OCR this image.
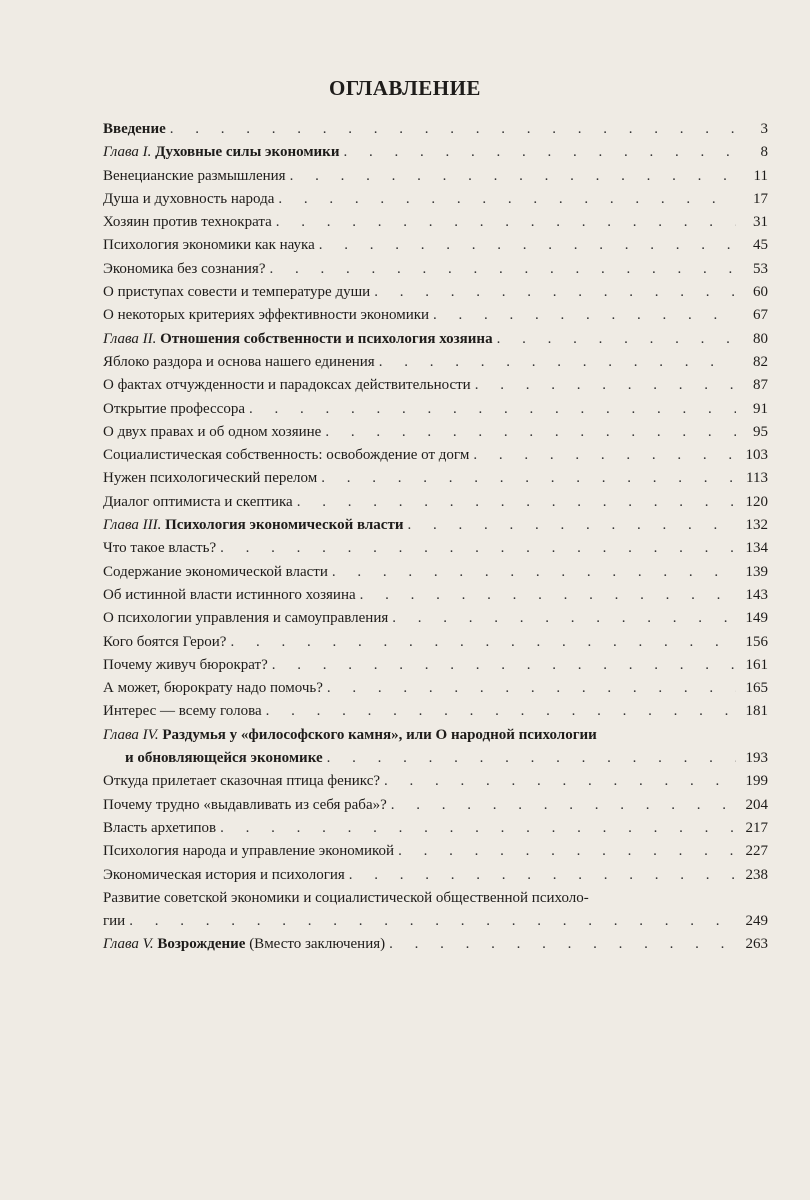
ОГЛАВЛЕНИЕ
Введение . . .	3
Глава I. Духовные силы экономики . . .	8
Венецианские размышления . . .	11
Душа и духовность народа . . .	17
Хозяин против технократа . . .	31
Психология экономики как наука . . .	45
Экономика без сознания? . . .	53
О приступах совести и температуре души . . .	60
О некоторых критериях эффективности экономики . . .	67
Глава II. Отношения собственности и психология хозяина . . .	80
Яблоко раздора и основа нашего единения . . .	82
О фактах отчужденности и парадоксах действительности . . .	87
Открытие профессора . . .	91
О двух правах и об одном хозяине . . .	95
Социалистическая собственность: освобождение от догм . . .	103
Нужен психологический перелом . . .	113
Диалог оптимиста и скептика . . .	120
Глава III. Психология экономической власти . . .	132
Что такое власть? . . .	134
Содержание экономической власти . . .	139
Об истинной власти истинного хозяина . . .	143
О психологии управления и самоуправления . . .	149
Кого боятся Герои? . . .	156
Почему живуч бюрократ? . . .	161
А может, бюрократу надо помочь? . . .	165
Интерес — всему голова . . .	181
Глава IV. Раздумья у «философского камня», или О народной психологии
и обновляющейся экономике . . .	193
Откуда прилетает сказочная птица феникс? . . .	199
Почему трудно «выдавливать из себя раба»? . . .	204
Власть архетипов . . .	217
Психология народа и управление экономикой . . .	227
Экономическая история и психология . . .	238
Развитие советской экономики и социалистической общественной психоло-
гии . . .	249
Глава V. Возрождение (Вместо заключения) . . .	263
